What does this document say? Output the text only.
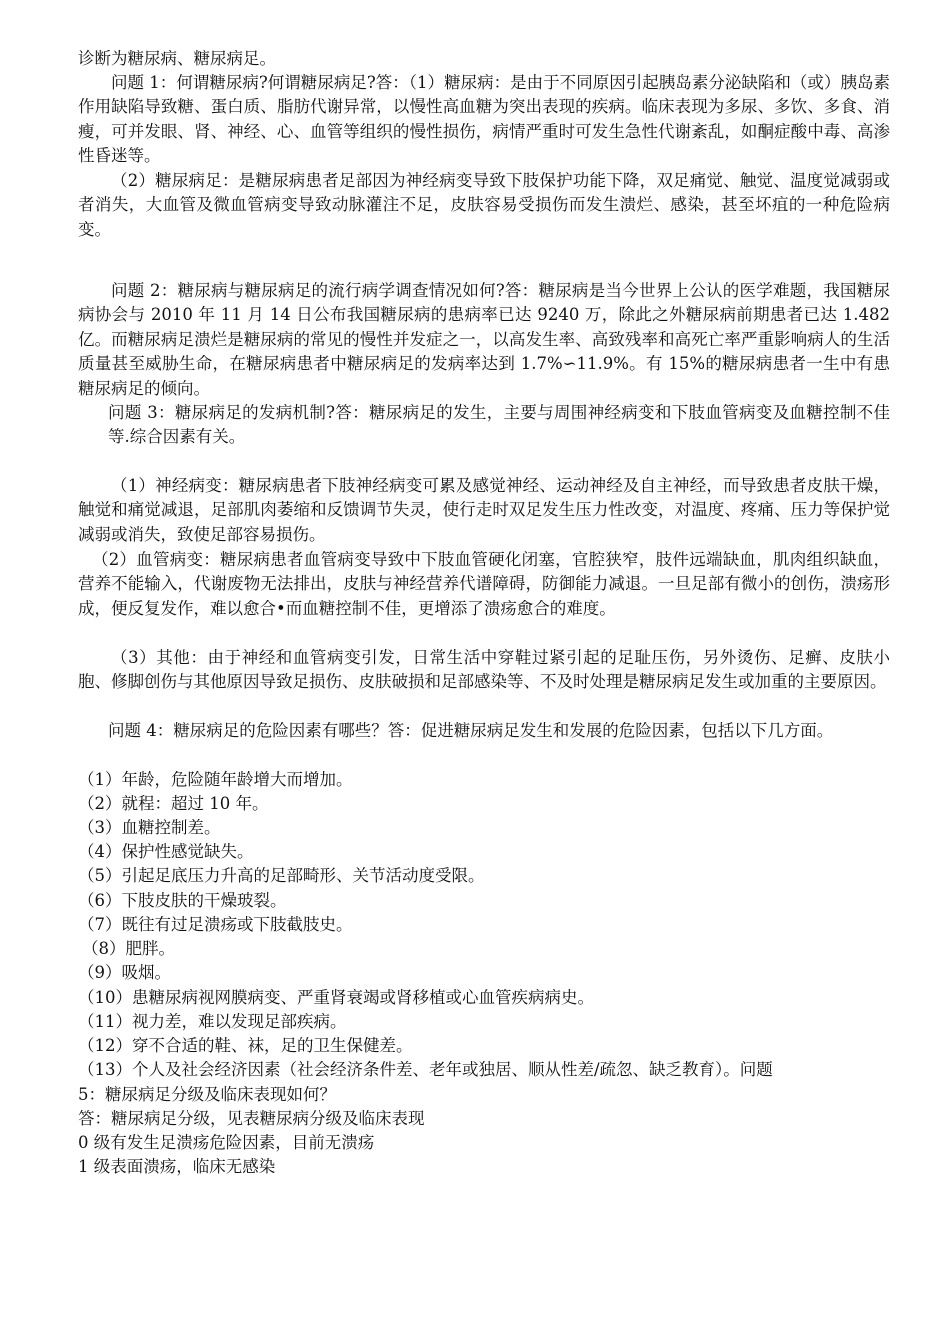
诊断为糖尿病、糖尿病足。

问题 1：何谓糖尿病?何谓糖尿病足?答：（1）糖尿病：是由于不同原因引起胰岛素分泌缺陷和（或）胰岛素作用缺陷导致糖、蛋白质、脂肪代谢异常，以慢性高血糖为突出表现的疾病。临床表现为多尿、多饮、多食、消瘦，可并发眼、肾、神经、心、血管等组织的慢性损伤，病情严重时可发生急性代谢紊乱，如酮症酸中毒、高渗性昏迷等。

（2）糖尿病足：是糖尿病患者足部因为神经病变导致下肢保护功能下降，双足痛觉、触觉、温度觉减弱或者消失，大血管及微血管病变导致动脉灌注不足，皮肤容易受损伤而发生溃烂、感染，甚至坏疽的一种危险病变。

问题 2：糖尿病与糖尿病足的流行病学调查情况如何?答：糖尿病是当今世界上公认的医学难题，我国糖尿病协会与 2010 年 11 月 14 日公布我国糖尿病的患病率已达 9240 万，除此之外糖尿病前期患者已达 1.482 亿。而糖尿病足溃烂是糖尿病的常见的慢性并发症之一，以高发生率、高致残率和高死亡率严重影响病人的生活质量甚至威胁生命，在糖尿病患者中糖尿病足的发病率达到 1.7%∽11.9%。有 15%的糖尿病患者一生中有患糖尿病足的倾向。

问题 3：糖尿病足的发病机制?答：糖尿病足的发生，主要与周围神经病变和下肢血管病变及血糖控制不佳等.综合因素有关。

（1）神经病变：糖尿病患者下肢神经病变可累及感觉神经、运动神经及自主神经，而导致患者皮肤干燥，触觉和痛觉减退，足部肌肉萎缩和反馈调节失灵，使行走时双足发生压力性改变，对温度、疼痛、压力等保护觉减弱或消失，致使足部容易损伤。

（2）血管病变：糖尿病患者血管病变导致中下肢血管硬化闭塞，官腔狭窄，肢件远端缺血，肌肉组织缺血，营养不能输入，代谢废物无法排出，皮肤与神经营养代谱障碍，防御能力减退。一旦足部有微小的创伤，溃疡形成，便反复发作，难以愈合•而血糖控制不佳，更增添了溃疡愈合的难度。

（3）其他：由于神经和血管病变引发，日常生活中穿鞋过紧引起的足耻压伤，另外烫伤、足癣、皮肤小胞、修脚创伤与其他原因导致足损伤、皮肤破损和足部感染等、不及时处理是糖尿病足发生或加重的主要原因。

问题 4：糖尿病足的危险因素有哪些？答：促进糖尿病足发生和发展的危险因素，包括以下几方面。

（1）年龄，危险随年龄增大而增加。

（2）就程：超过 10 年。

（3）血糖控制差。

（4）保护性感觉缺失。

（5）引起足底压力升高的足部畸形、关节活动度受限。

（6）下肢皮肤的干燥玻裂。

（7）既往有过足溃疡或下肢截肢史。

（8）肥胖。

（9）吸烟。

（10）患糖尿病视网膜病变、严重肾衰竭或肾移植或心血管疾病病史。

（11）视力差，难以发现足部疾病。

（12）穿不合适的鞋、袜，足的卫生保健差。

（13）个人及社会经济因素（社会经济条件差、老年或独居、顺从性差/疏忽、缺乏教育）。问题

5：糖尿病足分级及临床表现如何？

答：糖尿病足分级，见表糖尿病分级及临床表现

0 级有发生足溃疡危险因素，目前无溃疡

1 级表面溃疡，临床无感染
